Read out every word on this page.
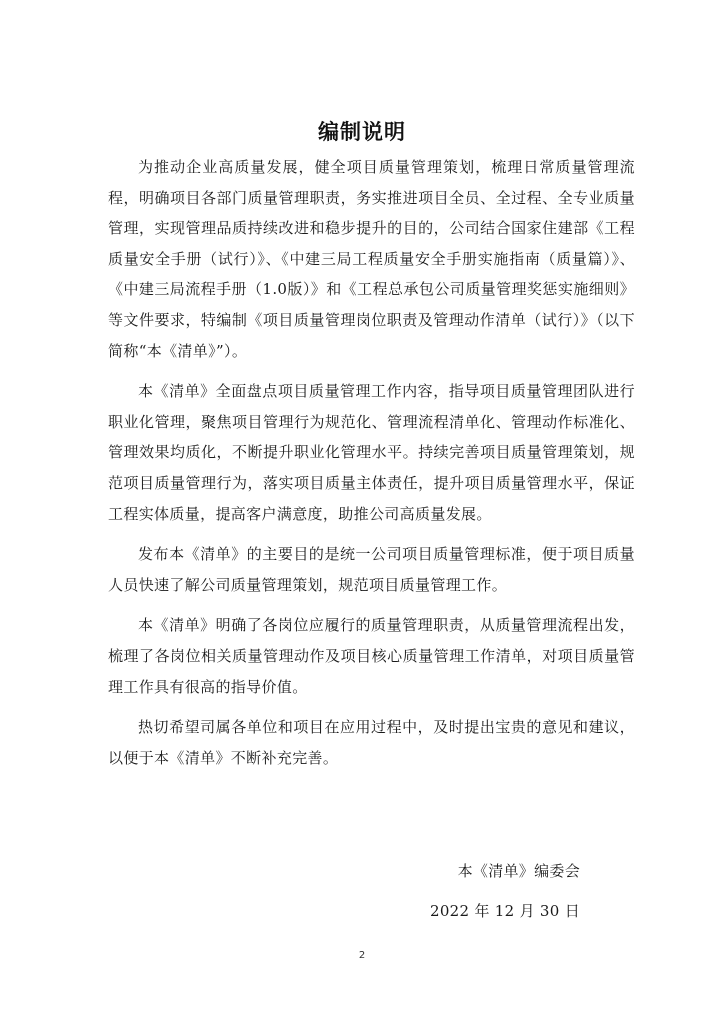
编制说明

为推动企业高质量发展，健全项目质量管理策划，梳理日常质量管理流程，明确项目各部门质量管理职责，务实推进项目全员、全过程、全专业质量管理，实现管理品质持续改进和稳步提升的目的，公司结合国家住建部《工程质量安全手册（试行）》、《中建三局工程质量安全手册实施指南（质量篇）》、《中建三局流程手册（1.0版）》和《工程总承包公司质量管理奖惩实施细则》等文件要求，特编制《项目质量管理岗位职责及管理动作清单（试行）》（以下简称“本《清单》”）。

本《清单》全面盘点项目质量管理工作内容，指导项目质量管理团队进行职业化管理，聚焦项目管理行为规范化、管理流程清单化、管理动作标准化、管理效果均质化，不断提升职业化管理水平。持续完善项目质量管理策划，规范项目质量管理行为，落实项目质量主体责任，提升项目质量管理水平，保证工程实体质量，提高客户满意度，助推公司高质量发展。

发布本《清单》的主要目的是统一公司项目质量管理标准，便于项目质量人员快速了解公司质量管理策划，规范项目质量管理工作。

本《清单》明确了各岗位应履行的质量管理职责，从质量管理流程出发，梳理了各岗位相关质量管理动作及项目核心质量管理工作清单，对项目质量管理工作具有很高的指导价值。

热切希望司属各单位和项目在应用过程中，及时提出宝贵的意见和建议，以便于本《清单》不断补充完善。

本《清单》编委会
2022 年 12 月 30 日
2
